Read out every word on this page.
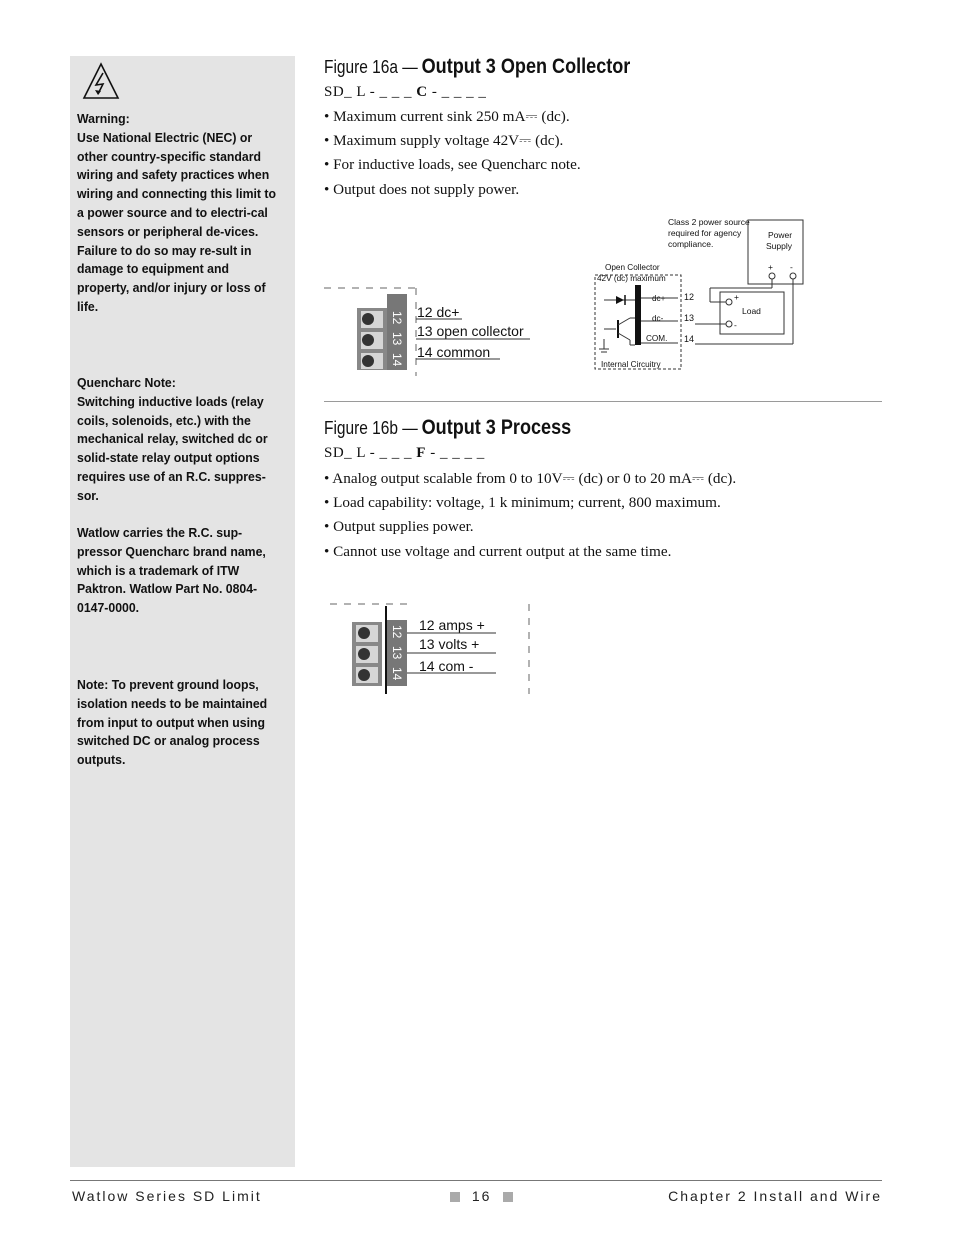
Warning:
Use National Electric (NEC) or other country-specific standard wiring and safety practices when wiring and connecting this limit to a power source and to electri-cal sensors or peripheral de-vices. Failure to do so may re-sult in damage to equipment and property, and/or injury or loss of life.
Quencharc Note:
Switching inductive loads (relay coils, solenoids, etc.) with the mechanical relay, switched dc or solid-state relay output options requires use of an R.C. suppres-sor.
Watlow carries the R.C. sup-pressor Quencharc brand name, which is a trademark of ITW Paktron. Watlow Part No. 0804-0147-0000.
Note: To prevent ground loops, isolation needs to be maintained from input to output when using switched DC or analog process outputs.
Figure 16a — Output 3 Open Collector
SD_ L - _ _ _ C - _ _ _ _
• Maximum current sink 250 mA⎓ (dc).
• Maximum supply voltage 42V⎓ (dc).
• For inductive loads, see Quencharc note.
• Output does not supply power.
12
13
14
12 dc+
13 open collector
14 common
Class 2 power source
required for agency
compliance.
Power
Supply
+ -
Open Collector
42V (dc) maximum
dc+
dc-
COM.
Internal Circuitry
12
13
14
+
-
Load
Figure 16b — Output 3 Process
SD_ L - _ _ _ F - _ _ _ _
• Analog output scalable from 0 to 10V⎓ (dc) or 0 to 20 mA⎓ (dc).
• Load capability: voltage, 1 k minimum; current, 800 maximum.
• Output supplies power.
• Cannot use voltage and current output at the same time.
12
13
14
12 amps +
13 volts +
14 com -
Watlow Series SD Limit	16	Chapter 2 Install and Wire
